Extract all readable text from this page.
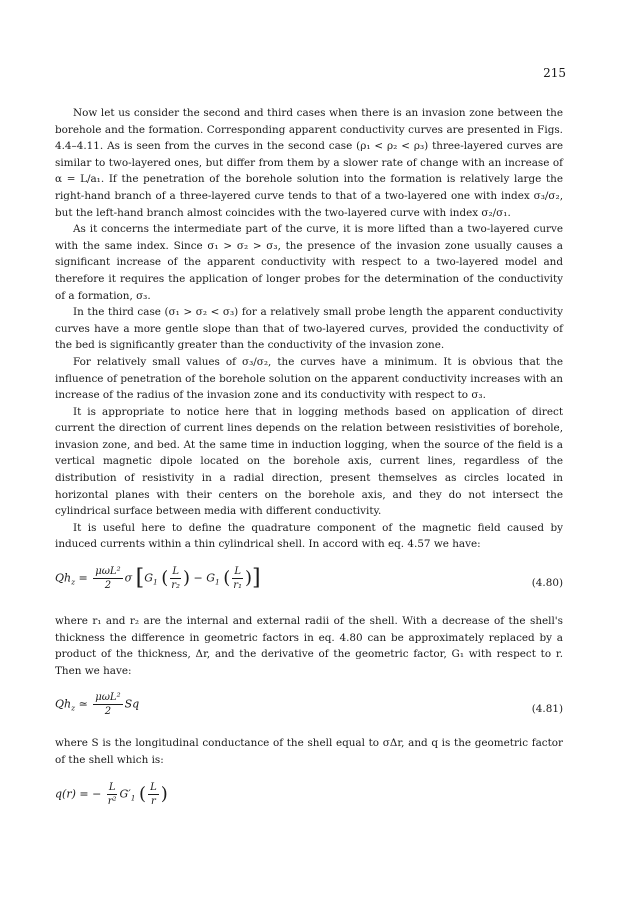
215

Now let us consider the second and third cases when there is an invasion zone between the borehole and the formation. Corresponding apparent conductivity curves are presented in Figs. 4.4–4.11. As is seen from the curves in the second case (ρ₁ < ρ₂ < ρ₃) three-layered curves are similar to two-layered ones, but differ from them by a slower rate of change with an increase of α = L/a₁. If the penetration of the borehole solution into the formation is relatively large the right-hand branch of a three-layered curve tends to that of a two-layered one with index σ₃/σ₂, but the left-hand branch almost coincides with the two-layered curve with index σ₂/σ₁.

As it concerns the intermediate part of the curve, it is more lifted than a two-layered curve with the same index. Since σ₁ > σ₂ > σ₃, the presence of the invasion zone usually causes a significant increase of the apparent conductivity with respect to a two-layered model and therefore it requires the application of longer probes for the determination of the conductivity of a formation, σ₃.

In the third case (σ₁ > σ₂ < σ₃) for a relatively small probe length the apparent conductivity curves have a more gentle slope than that of two-layered curves, provided the conductivity of the bed is significantly greater than the conductivity of the invasion zone.

For relatively small values of σ₃/σ₂, the curves have a minimum. It is obvious that the influence of penetration of the borehole solution on the apparent conductivity increases with an increase of the radius of the invasion zone and its conductivity with respect to σ₃.

It is appropriate to notice here that in logging methods based on application of direct current the direction of current lines depends on the relation between resistivities of borehole, invasion zone, and bed. At the same time in induction logging, when the source of the field is a vertical magnetic dipole located on the borehole axis, current lines, regardless of the distribution of resistivity in a radial direction, present themselves as circles located in horizontal planes with their centers on the borehole axis, and they do not intersect the cylindrical surface between media with different conductivity.

It is useful here to define the quadrature component of the magnetic field caused by induced currents within a thin cylindrical shell. In accord with eq. 4.57 we have:

$Qh_z = \frac{\text{μωL²}}{2}$ σ [$G_1$ ( $\frac{L}{\text{r₂}}$ ) − $G_1$ ( $\frac{L}{\text{r₁}}$ )]	(4.80)

where r₁ and r₂ are the internal and external radii of the shell. With a decrease of the shell's thickness the difference in geometric factors in eq. 4.80 can be approximately replaced by a product of the thickness, Δr, and the derivative of the geometric factor, G₁ with respect to r. Then we have:

$Qh_z$ ≃ $\frac{\text{μωL²}}{2}$ Sq	(4.81)

where S is the longitudinal conductance of the shell equal to σΔr, and q is the geometric factor of the shell which is:

q(r) = − $\frac{L}{\text{r²}} G'_1$ ( $\frac{L}{r}$ )
